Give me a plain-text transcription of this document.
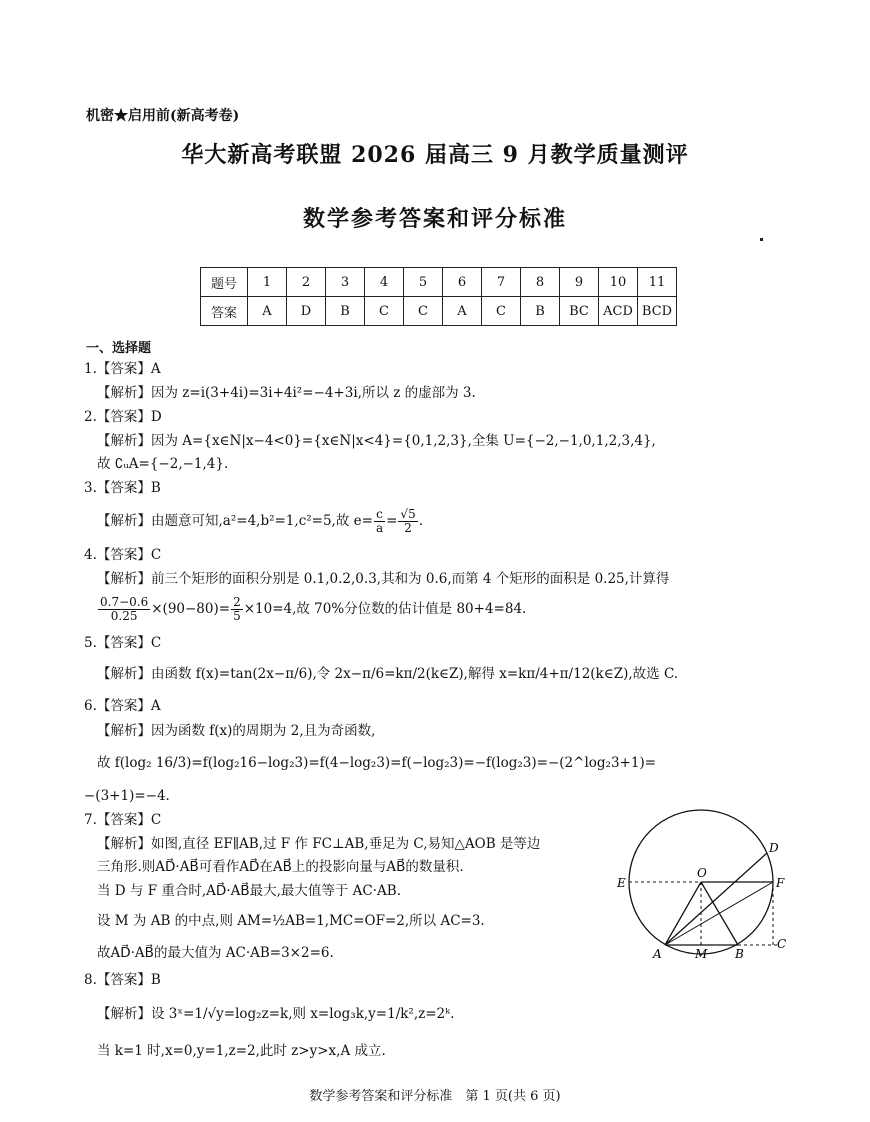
机密★启用前(新高考卷)
华大新高考联盟 2026 届高三 9 月教学质量测评
数学参考答案和评分标准
题号	1	2	3	4	5	6	7	8	9	10	11
答案	A	D	B	C	C	A	C	B	BC	ACD	BCD
一、选择题
1.【答案】A
【解析】因为 z=i(3+4i)=3i+4i²=−4+3i,所以 z 的虚部为 3.
2.【答案】D
【解析】因为 A={x∈N|x−4<0}={x∈N|x<4}={0,1,2,3},全集 U={−2,−1,0,1,2,3,4},
故 ∁ᵤA={−2,−1,4}.
3.【答案】B
【解析】由题意可知,a²=4,b²=1,c²=5,故 $e= \frac{c}{a} = \frac{√5}{2}$ .
4.【答案】C
【解析】前三个矩形的面积分别是 0.1,0.2,0.3,其和为 0.6,而第 4 个矩形的面积是 0.25,计算得
$\frac{0.7-0.6}{0.25} \times(90-80)= \frac{2}{5} \times 10=4$,故 70%分位数的估计值是 80+4=84.
5.【答案】C
【解析】由函数 f(x)=tan(2x−π/6),令 2x−π/6=kπ/2(k∈Z),解得 x=kπ/4+π/12(k∈Z),故选 C.
6.【答案】A
【解析】因为函数 f(x)的周期为 2,且为奇函数,
故 f(log₂ 16/3)=f(log₂16−log₂3)=f(4−log₂3)=f(−log₂3)=−f(log₂3)=−(2^log₂3+1)=
−(3+1)=−4.
7.【答案】C
【解析】如图,直径 EF∥AB,过 F 作 FC⊥AB,垂足为 C,易知△AOB 是等边
三角形.则AD⃗·AB⃗可看作AD⃗在AB⃗上的投影向量与AB⃗的数量积.
当 D 与 F 重合时,AD⃗·AB⃗最大,最大值等于 AC·AB.
设 M 为 AB 的中点,则 AM=½AB=1,MC=OF=2,所以 AC=3.
故AD⃗·AB⃗的最大值为 AC·AB=3×2=6.
O
D
E	F
A	M B
C
8.【答案】B
【解析】设 3ˣ=1/√y=log₂z=k,则 x=log₃k,y=1/k²,z=2ᵏ.
当 k=1 时,x=0,y=1,z=2,此时 z>y>x,A 成立.
数学参考答案和评分标准　第 1 页(共 6 页)
